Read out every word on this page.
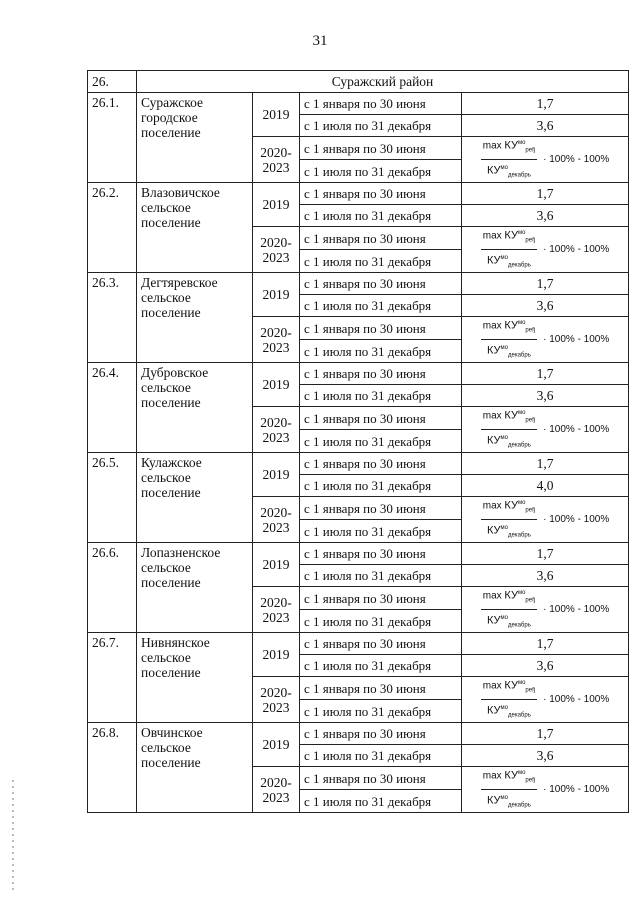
31
26.	Суражский район			
26.1.	Суражское городское поселение	2019	с 1 января по 30 июня	1,7
			с 1 июля по 31 декабря	3,6
		2020-2023	с 1 января по 30 июня	$\frac{\max КУ^{мо}_{реfj}}{КУ^{мо}_{декабрь}} \cdot 100\% - 100\%$

			с 1 июля по 31 декабря	
26.2.	Влазовичское сельское поселение	2019	с 1 января по 30 июня	1,7
			с 1 июля по 31 декабря	3,6
		2020-2023	с 1 января по 30 июня	$\frac{\max КУ^{мо}_{реfj}}{КУ^{мо}_{декабрь}} \cdot 100\% - 100\%$

			с 1 июля по 31 декабря	
26.3.	Дегтяревское сельское поселение	2019	с 1 января по 30 июня	1,7
			с 1 июля по 31 декабря	3,6
		2020-2023	с 1 января по 30 июня	$\frac{\max КУ^{мо}_{реfj}}{КУ^{мо}_{декабрь}} \cdot 100\% - 100\%$

			с 1 июля по 31 декабря	
26.4.	Дубровское сельское поселение	2019	с 1 января по 30 июня	1,7
			с 1 июля по 31 декабря	3,6
		2020-2023	с 1 января по 30 июня	$\frac{\max КУ^{мо}_{реfj}}{КУ^{мо}_{декабрь}} \cdot 100\% - 100\%$

			с 1 июля по 31 декабря	
26.5.	Кулажское сельское поселение	2019	с 1 января по 30 июня	1,7
			с 1 июля по 31 декабря	4,0
		2020-2023	с 1 января по 30 июня	$\frac{\max КУ^{мо}_{реfj}}{КУ^{мо}_{декабрь}} \cdot 100\% - 100\%$

			с 1 июля по 31 декабря	
26.6.	Лопазненское сельское поселение	2019	с 1 января по 30 июня	1,7
			с 1 июля по 31 декабря	3,6
		2020-2023	с 1 января по 30 июня	$\frac{\max КУ^{мо}_{реfj}}{КУ^{мо}_{декабрь}} \cdot 100\% - 100\%$

			с 1 июля по 31 декабря	
26.7.	Нивнянское сельское поселение	2019	с 1 января по 30 июня	1,7
			с 1 июля по 31 декабря	3,6
		2020-2023	с 1 января по 30 июня	$\frac{\max КУ^{мо}_{реfj}}{КУ^{мо}_{декабрь}} \cdot 100\% - 100\%$

			с 1 июля по 31 декабря	
26.8.	Овчинское сельское поселение	2019	с 1 января по 30 июня	1,7
			с 1 июля по 31 декабря	3,6
		2020-2023	с 1 января по 30 июня	$\frac{\max КУ^{мо}_{реfj}}{КУ^{мо}_{декабрь}} \cdot 100\% - 100\%$

			с 1 июля по 31 декабря	
